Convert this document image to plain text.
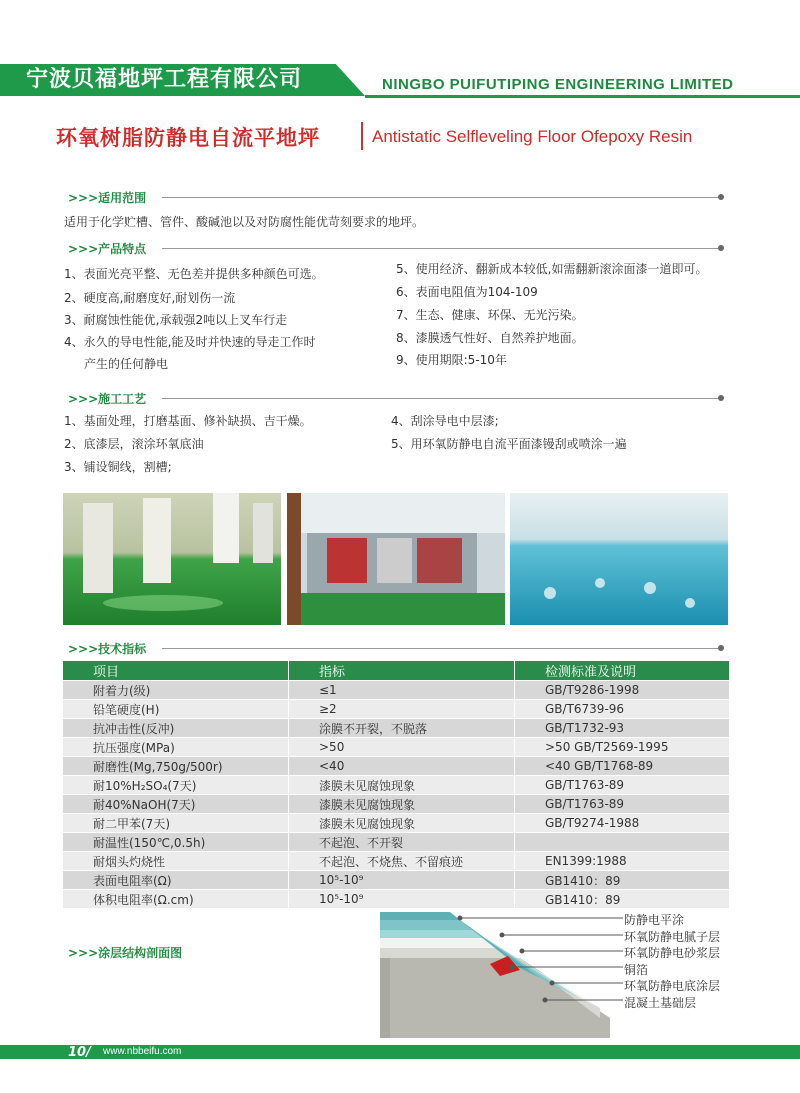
宁波贝福地坪工程有限公司	NINGBO PUIFUTIPING ENGINEERING LIMITED
环氧树脂防静电自流平地坪	Antistatic Selfleveling Floor Ofepoxy Resin
>>>适用范围
适用于化学贮槽、管件、酸碱池以及对防腐性能优苛刻要求的地坪。
>>>产品特点
1、表面光亮平整、无色差并提供多种颜色可选。
2、硬度高,耐磨度好,耐划伤一流
3、耐腐蚀性能优,承载强2吨以上叉车行走
4、永久的导电性能,能及时并快速的导走工作时
产生的任何静电
5、使用经济、翻新成本较低,如需翻新滚涂面漆一道即可。
6、表面电阻值为104-109
7、生态、健康、环保、无光污染。
8、漆膜透气性好、自然养护地面。
9、使用期限:5-10年
>>>施工工艺
1、基面处理，打磨基面、修补缺损、吉干燥。
2、底漆层，滚涂环氧底油
3、铺设铜线，割槽;
4、刮涂导电中层漆;
5、用环氧防静电自流平面漆镘刮或喷涂一遍
>>>技术指标
项目	指标	检测标准及说明
附着力(级)	≤1	GB/T9286-1998
铅笔硬度(H)	≥2	GB/T6739-96
抗冲击性(反冲)	涂膜不开裂，不脱落	GB/T1732-93
抗压强度(MPa)	>50	>50 GB/T2569-1995
耐磨性(Mg,750g/500r)	<40	<40 GB/T1768-89
耐10%H₂SO₄(7天)	漆膜未见腐蚀现象	GB/T1763-89
耐40%NaOH(7天)	漆膜未见腐蚀现象	GB/T1763-89
耐二甲苯(7天)	漆膜未见腐蚀现象	GB/T9274-1988
耐温性(150℃,0.5h)	不起泡、不开裂	
耐烟头灼烧性	不起泡、不烧焦、不留痕迹	EN1399:1988
表面电阻率(Ω)	10⁵-10⁹	GB1410：89
体积电阻率(Ω.cm)	10⁵-10⁹	GB1410：89
>>>涂层结构剖面图
防静电平涂
环氧防静电腻子层
环氧防静电砂浆层
铜箔
环氧防静电底涂层
混凝土基础层
10/ www.nbbeifu.com
